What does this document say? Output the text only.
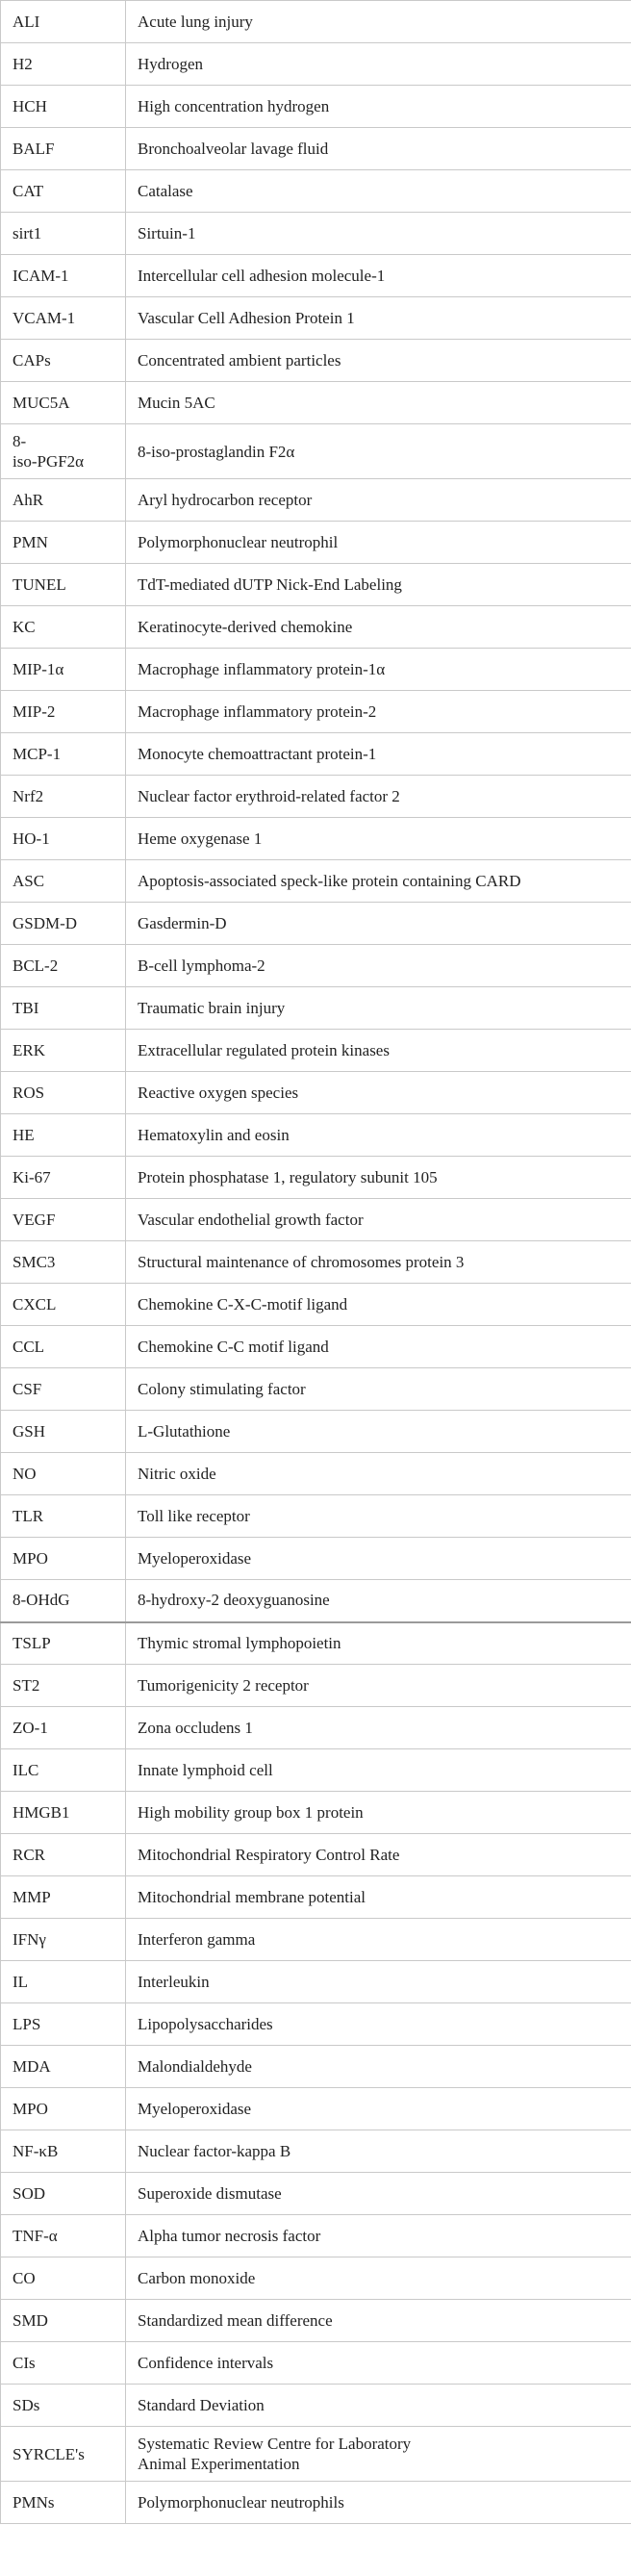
ALI	Acute lung injury
H2	Hydrogen
HCH	High concentration hydrogen
BALF	Bronchoalveolar lavage fluid
CAT	Catalase
sirt1	Sirtuin-1
ICAM-1	Intercellular cell adhesion molecule-1
VCAM-1	Vascular Cell Adhesion Protein 1
CAPs	Concentrated ambient particles
MUC5A	Mucin 5AC
8-
iso-PGF2α	8-iso-prostaglandin F2α
AhR	Aryl hydrocarbon receptor
PMN	Polymorphonuclear neutrophil
TUNEL	TdT-mediated dUTP Nick-End Labeling
KC	Keratinocyte-derived chemokine
MIP-1α	Macrophage inflammatory protein-1α
MIP-2	Macrophage inflammatory protein-2
MCP-1	Monocyte chemoattractant protein-1
Nrf2	Nuclear factor erythroid-related factor 2
HO-1	Heme oxygenase 1
ASC	Apoptosis-associated speck-like protein containing CARD
GSDM-D	Gasdermin-D
BCL-2	B-cell lymphoma-2
TBI	Traumatic brain injury
ERK	Extracellular regulated protein kinases
ROS	Reactive oxygen species
HE	Hematoxylin and eosin
Ki-67	Protein phosphatase 1, regulatory subunit 105
VEGF	Vascular endothelial growth factor
SMC3	Structural maintenance of chromosomes protein 3
CXCL	Chemokine C-X-C-motif ligand
CCL	Chemokine C-C motif ligand
CSF	Colony stimulating factor
GSH	L-Glutathione
NO	Nitric oxide
TLR	Toll like receptor
MPO	Myeloperoxidase
8-OHdG	8-hydroxy-2 deoxyguanosine
TSLP	Thymic stromal lymphopoietin
ST2	Tumorigenicity 2 receptor
ZO-1	Zona occludens 1
ILC	Innate lymphoid cell
HMGB1	High mobility group box 1 protein
RCR	Mitochondrial Respiratory Control Rate
MMP	Mitochondrial membrane potential
IFNγ	Interferon gamma
IL	Interleukin
LPS	Lipopolysaccharides
MDA	Malondialdehyde
MPO	Myeloperoxidase
NF-κB	Nuclear factor-kappa B
SOD	Superoxide dismutase
TNF-α	Alpha tumor necrosis factor
CO	Carbon monoxide
SMD	Standardized mean difference
CIs	Confidence intervals
SDs	Standard Deviation
SYRCLE's	Systematic Review Centre for Laboratory
Animal Experimentation
PMNs	Polymorphonuclear neutrophils
